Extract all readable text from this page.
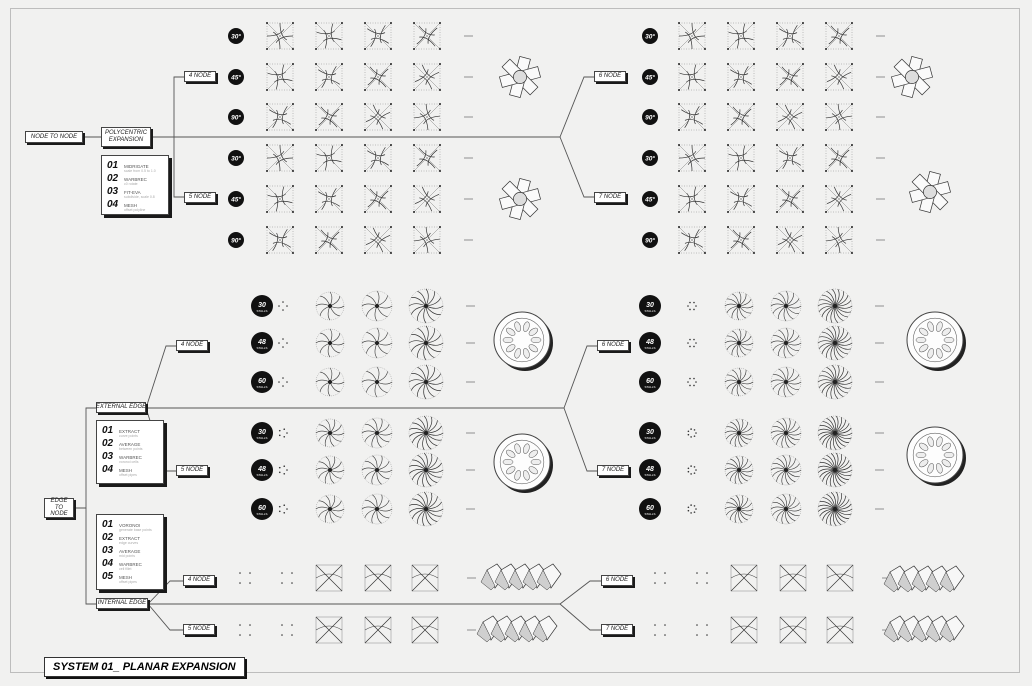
30°
45°
90°
30°
45°
90°
30°
45°
90°
30°
45°
90°
30
STALLS
48
STALLS
60
STALLS
30
STALLS
48
STALLS
60
STALLS
30
STALLS
48
STALLS
60
STALLS
30
STALLS
48
STALLS
60
STALLS
NODE TO NODE
POLYCENTRIC EXPANSION
4 NODE
5 NODE
6 NODE
7 NODE
01	MIDRIGATE
scale from 0.5 to 1.0
02	WARBREC
c0 rotate
03	FIT-EVA
subdivide, scale 0.8
04	MESH
offset polyline
EDGE TO NODE
EXTERNAL EDGE
INTERNAL EDGE
4 NODE
5 NODE
6 NODE
7 NODE
4 NODE
5 NODE
6 NODE
7 NODE
01	EXTRACT
curve points
02	AVERAGE
between points
03	WARBREC
voronoi cells
04	MESH
offset pipes
01	VORONOI
generate base points
02	EXTRACT
edge curves
03	AVERAGE
mid points
04	WARBREC
cell fillet
05	MESH
offset pipes
SYSTEM 01_ PLANAR EXPANSION
